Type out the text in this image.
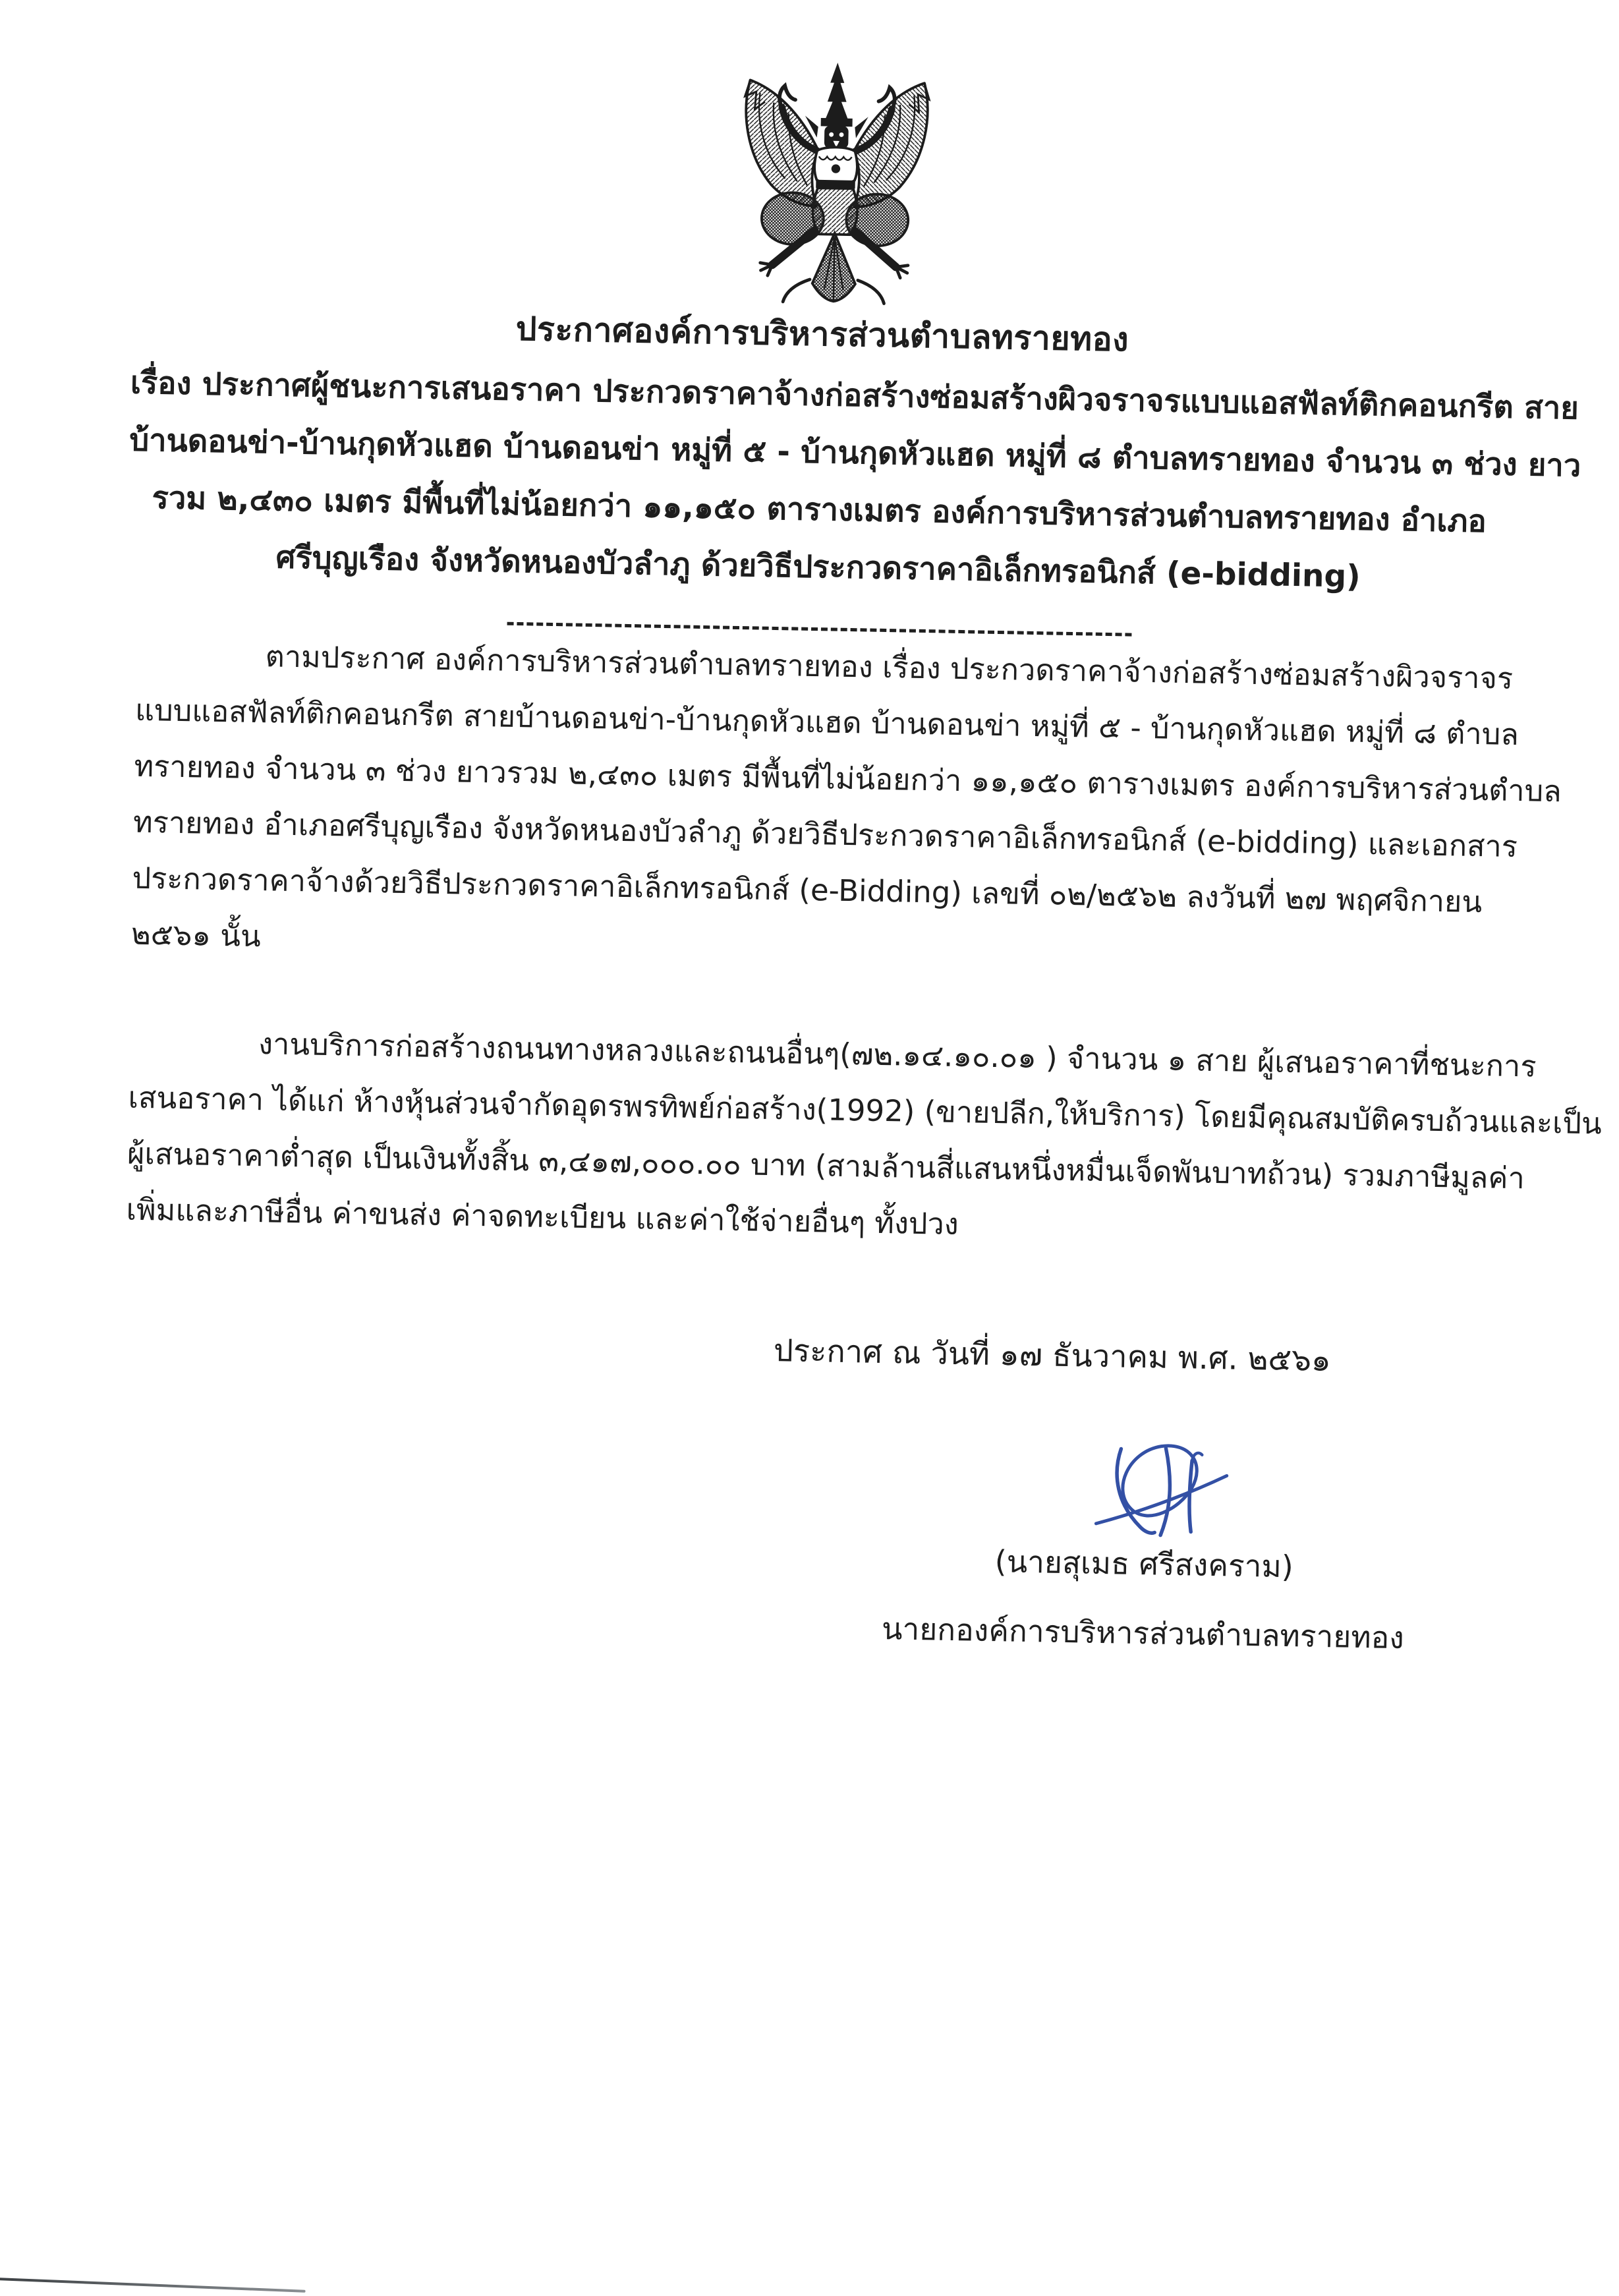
ประกาศองค์การบริหารส่วนตำบลทรายทอง
เรื่อง ประกาศผู้ชนะการเสนอราคา ประกวดราคาจ้างก่อสร้างซ่อมสร้างผิวจราจรแบบแอสฟัลท์ติกคอนกรีต สาย
บ้านดอนข่า-บ้านกุดหัวแฮด บ้านดอนข่า หมู่ที่ ๕ - บ้านกุดหัวแฮด หมู่ที่ ๘ ตำบลทรายทอง จำนวน ๓ ช่วง ยาว
รวม ๒,๔๓๐ เมตร มีพื้นที่ไม่น้อยกว่า ๑๑,๑๕๐ ตารางเมตร องค์การบริหารส่วนตำบลทรายทอง อำเภอ
ศรีบุญเรือง จังหวัดหนองบัวลำภู ด้วยวิธีประกวดราคาอิเล็กทรอนิกส์ (e-bidding)
ตามประกาศ องค์การบริหารส่วนตำบลทรายทอง เรื่อง ประกวดราคาจ้างก่อสร้างซ่อมสร้างผิวจราจร
แบบแอสฟัลท์ติกคอนกรีต สายบ้านดอนข่า-บ้านกุดหัวแฮด บ้านดอนข่า หมู่ที่ ๕ - บ้านกุดหัวแฮด หมู่ที่ ๘ ตำบล
ทรายทอง จำนวน ๓ ช่วง ยาวรวม ๒,๔๓๐ เมตร มีพื้นที่ไม่น้อยกว่า ๑๑,๑๕๐ ตารางเมตร องค์การบริหารส่วนตำบล
ทรายทอง อำเภอศรีบุญเรือง จังหวัดหนองบัวลำภู ด้วยวิธีประกวดราคาอิเล็กทรอนิกส์ (e-bidding) และเอกสาร
ประกวดราคาจ้างด้วยวิธีประกวดราคาอิเล็กทรอนิกส์ (e-Bidding) เลขที่ ๐๒/๒๕๖๒ ลงวันที่ ๒๗ พฤศจิกายน
๒๕๖๑ นั้น
งานบริการก่อสร้างถนนทางหลวงและถนนอื่นๆ(๗๒.๑๔.๑๐.๐๑ ) จำนวน ๑ สาย ผู้เสนอราคาที่ชนะการ
เสนอราคา ได้แก่ ห้างหุ้นส่วนจำกัดอุดรพรทิพย์ก่อสร้าง(1992) (ขายปลีก,ให้บริการ) โดยมีคุณสมบัติครบถ้วนและเป็น
ผู้เสนอราคาต่ำสุด เป็นเงินทั้งสิ้น ๓,๔๑๗,๐๐๐.๐๐ บาท (สามล้านสี่แสนหนึ่งหมื่นเจ็ดพันบาทถ้วน) รวมภาษีมูลค่า
เพิ่มและภาษีอื่น ค่าขนส่ง ค่าจดทะเบียน และค่าใช้จ่ายอื่นๆ ทั้งปวง
ประกาศ ณ วันที่ ๑๗ ธันวาคม พ.ศ. ๒๕๖๑
(นายสุเมธ ศรีสงคราม)
นายกองค์การบริหารส่วนตำบลทรายทอง
